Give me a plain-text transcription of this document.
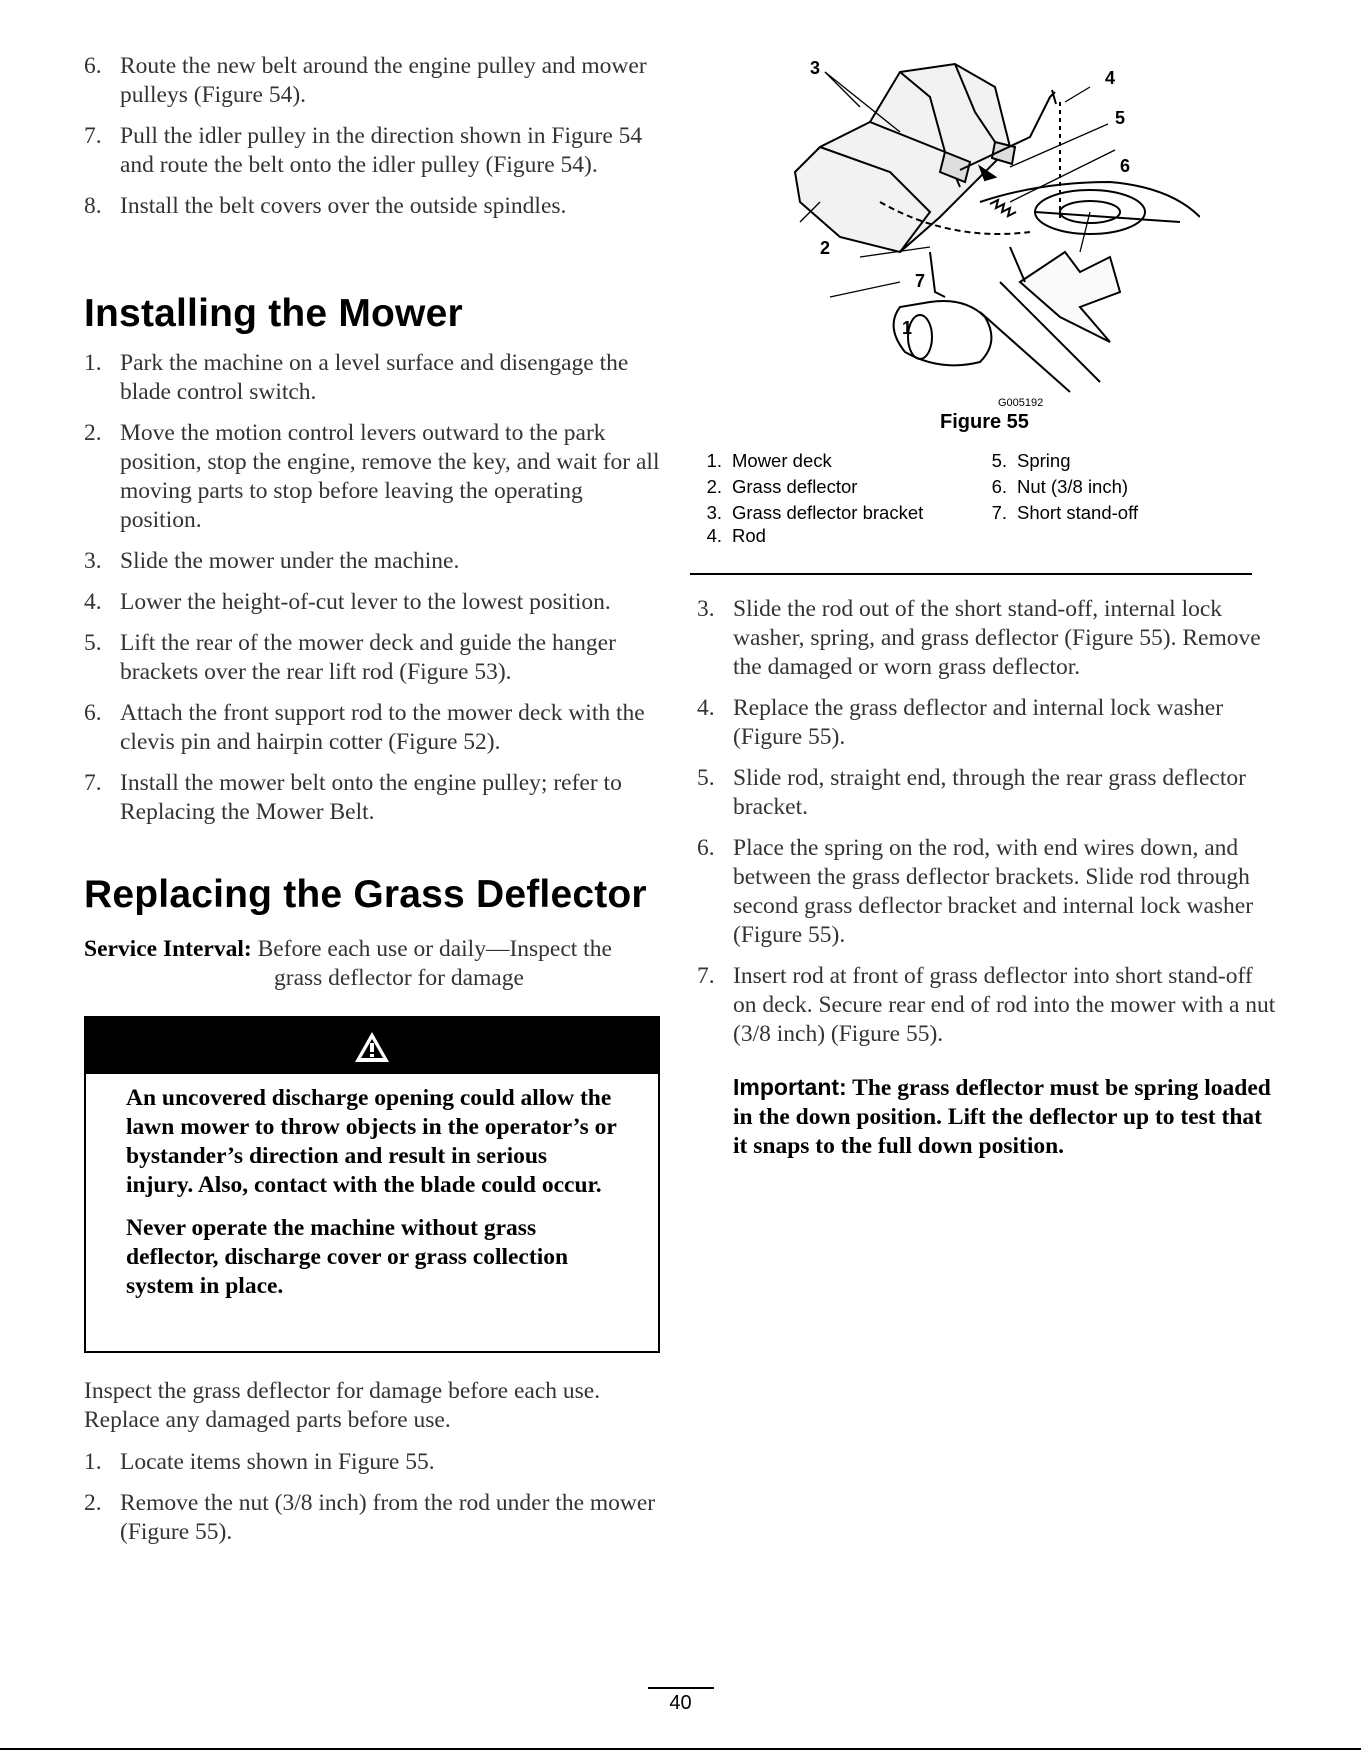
6. Route the new belt around the engine pulley and mower pulleys (Figure 54).
7. Pull the idler pulley in the direction shown in Figure 54 and route the belt onto the idler pulley (Figure 54).
8. Install the belt covers over the outside spindles.
Installing the Mower
1. Park the machine on a level surface and disengage the blade control switch.
2. Move the motion control levers outward to the park position, stop the engine, remove the key, and wait for all moving parts to stop before leaving the operating position.
3. Slide the mower under the machine.
4. Lower the height-of-cut lever to the lowest position.
5. Lift the rear of the mower deck and guide the hanger brackets over the rear lift rod (Figure 53).
6. Attach the front support rod to the mower deck with the clevis pin and hairpin cotter (Figure 52).
7. Install the mower belt onto the engine pulley; refer to Replacing the Mower Belt.
Replacing the Grass Deflector
Service Interval: Before each use or daily—Inspect the
grass deflector for damage

An uncovered discharge opening could allow the lawn mower to throw objects in the operator’s or bystander’s direction and result in serious injury. Also, contact with the blade could occur.

Never operate the machine without grass deflector, discharge cover or grass collection system in place.

Inspect the grass deflector for damage before each use. Replace any damaged parts before use.
1. Locate items shown in Figure 55.
2. Remove the nut (3/8 inch) from the rod under the mower (Figure 55).
3	4
5
6
2
7
1
G005192
Figure 55
1. Mower deck
2. Grass deflector
3. Grass deflector bracket
4. Rod
5. Spring
6. Nut (3/8 inch)
7. Short stand-off
3. Slide the rod out of the short stand-off, internal lock washer, spring, and grass deflector (Figure 55). Remove the damaged or worn grass deflector.
4. Replace the grass deflector and internal lock washer (Figure 55).
5. Slide rod, straight end, through the rear grass deflector bracket.
6. Place the spring on the rod, with end wires down, and between the grass deflector brackets. Slide rod through second grass deflector bracket and internal lock washer (Figure 55).
7. Insert rod at front of grass deflector into short stand-off on deck. Secure rear end of rod into the mower with a nut (3/8 inch) (Figure 55).
Important: The grass deflector must be spring loaded in the down position. Lift the deflector up to test that it snaps to the full down position.
40
